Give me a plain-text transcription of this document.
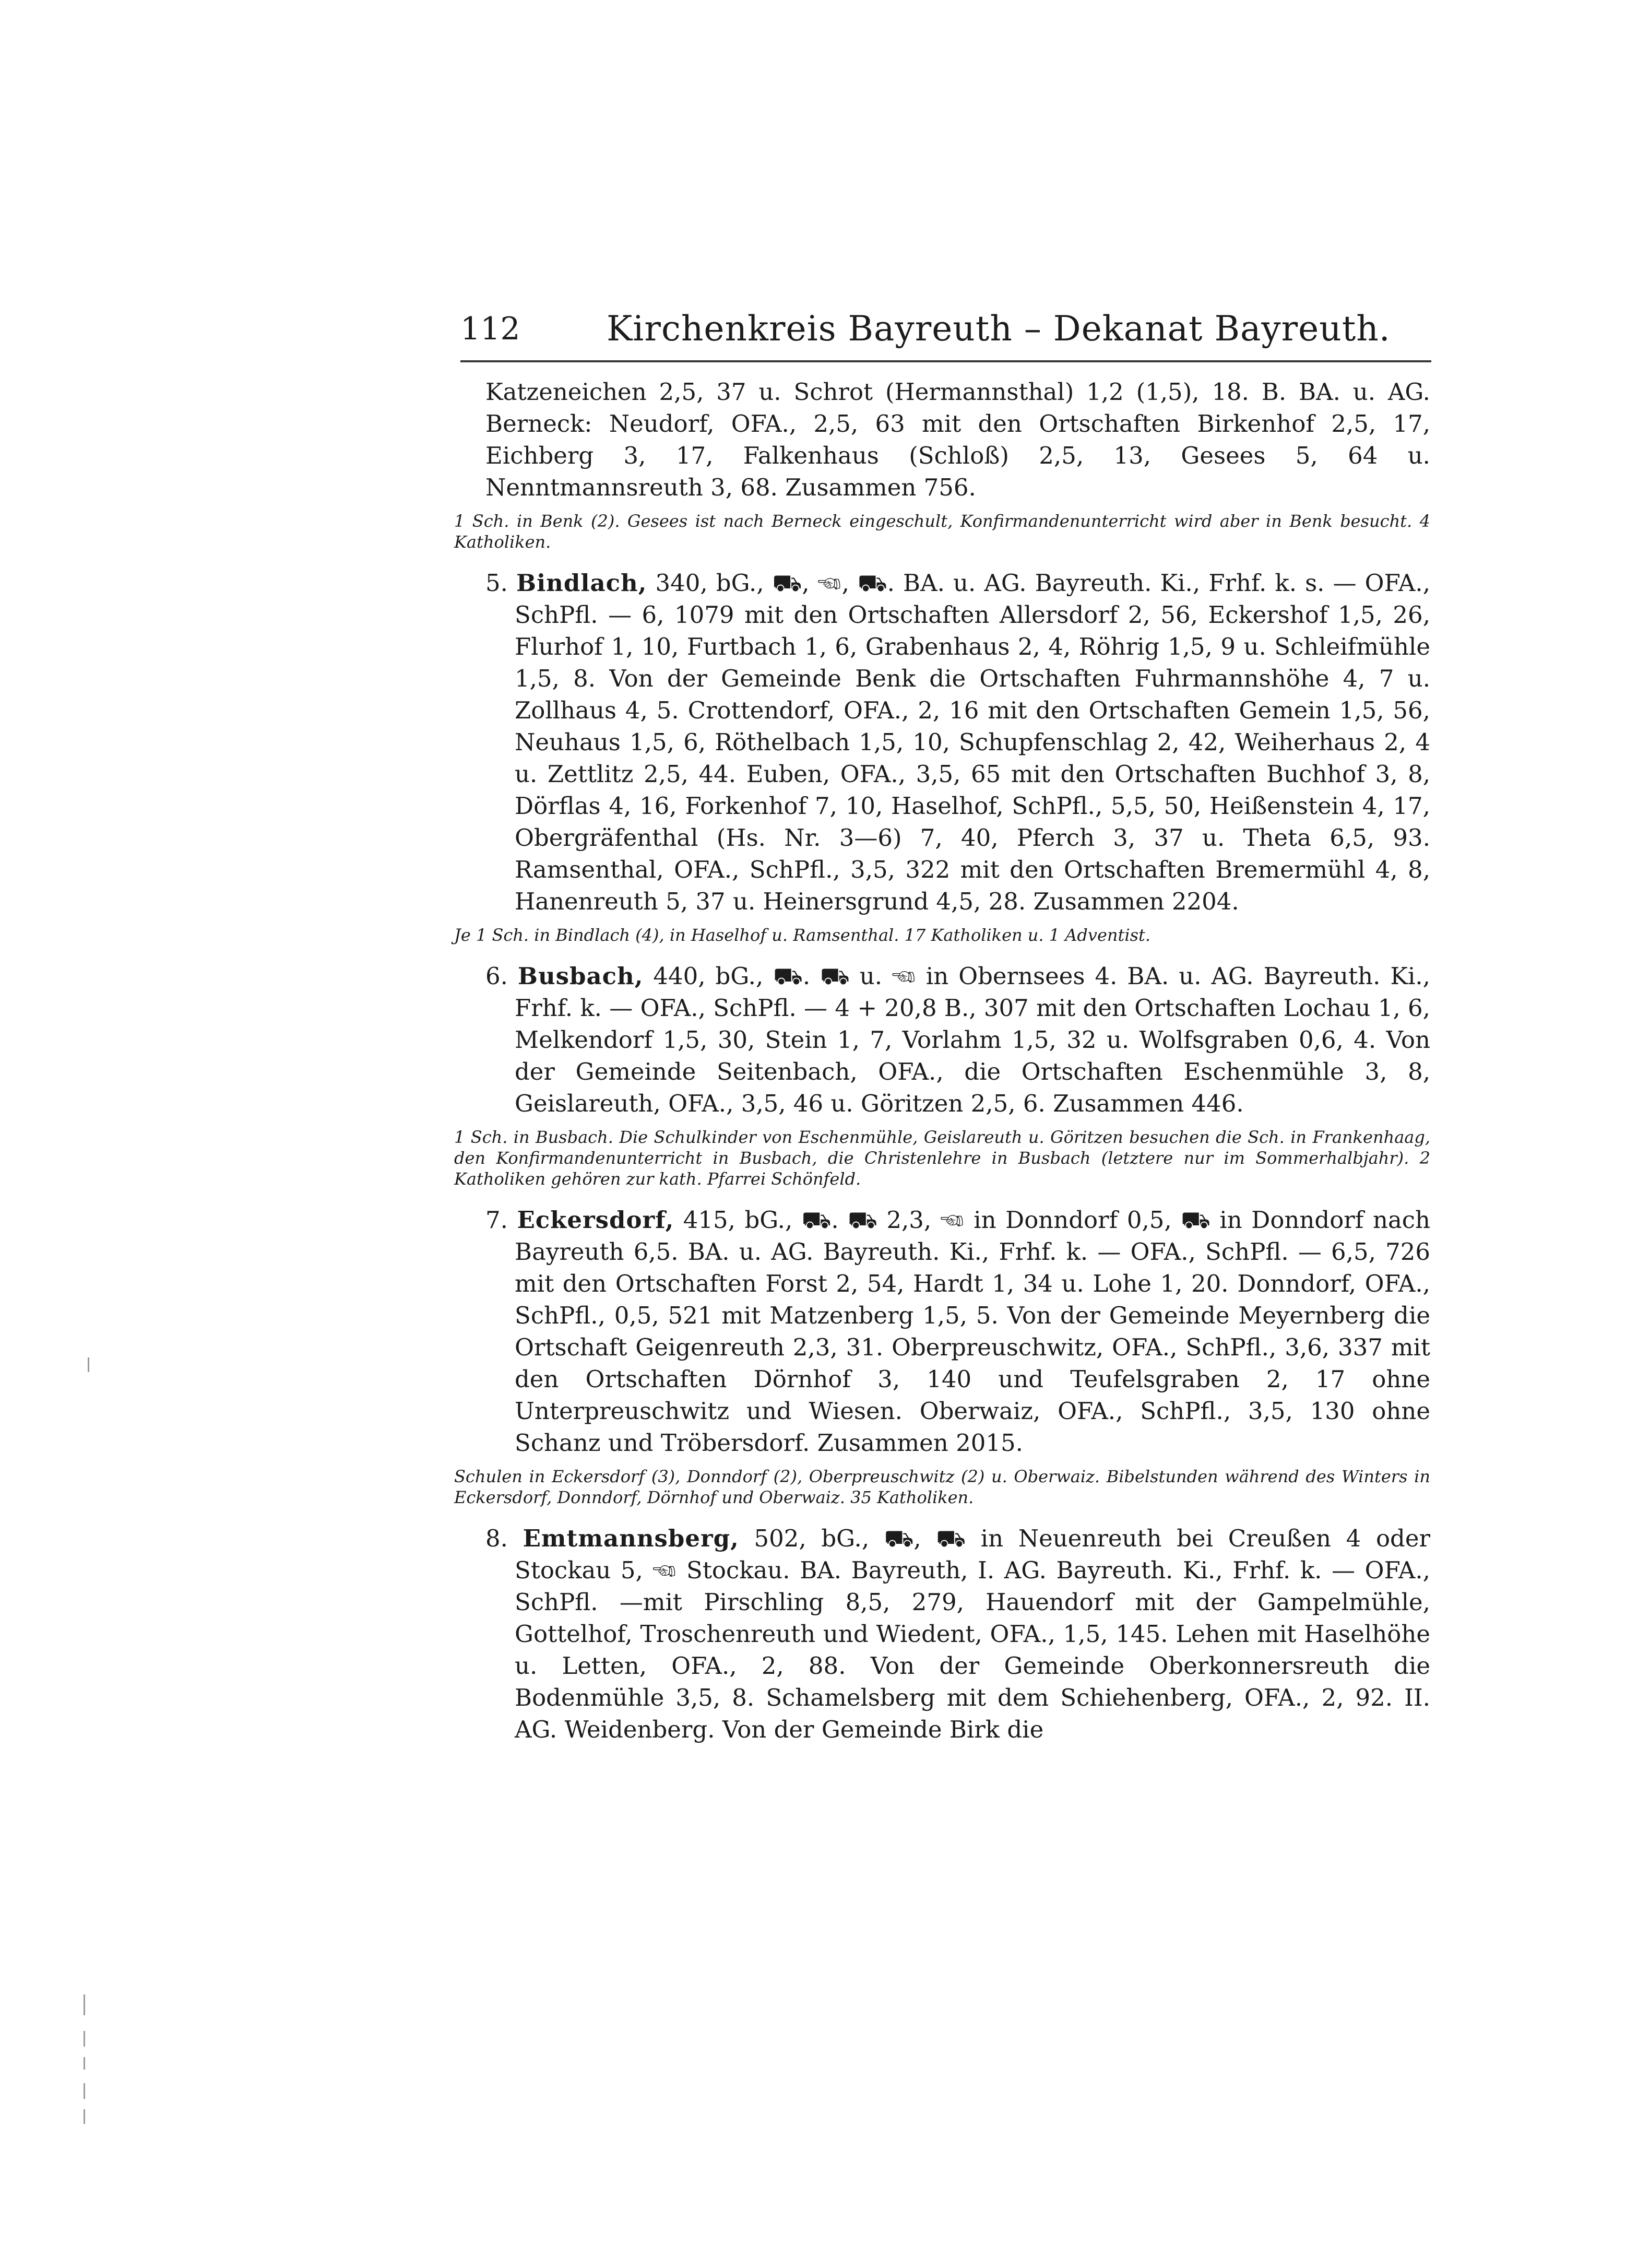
112	Kirchenkreis Bayreuth – Dekanat Bayreuth.

Katzeneichen 2,5, 37 u. Schrot (Hermannsthal) 1,2 (1,5), 18. B. BA. u. AG. Berneck: Neudorf, OFA., 2,5, 63 mit den Ortschaften Birkenhof 2,5, 17, Eichberg 3, 17, Falkenhaus (Schloß) 2,5, 13, Gesees 5, 64 u. Nenntmannsreuth 3, 68. Zusammen 756.

1 Sch. in Benk (2). Gesees ist nach Berneck eingeschult, Konfirmandenunterricht wird aber in Benk besucht. 4 Katholiken.

5. Bindlach, 340, bG., ⛟, ☜, ⛟. BA. u. AG. Bayreuth. Ki., Frhf. k. s. — OFA., SchPfl. — 6, 1079 mit den Ortschaften Allersdorf 2, 56, Eckershof 1,5, 26, Flurhof 1, 10, Furtbach 1, 6, Grabenhaus 2, 4, Röhrig 1,5, 9 u. Schleifmühle 1,5, 8. Von der Gemeinde Benk die Ortschaften Fuhrmannshöhe 4, 7 u. Zollhaus 4, 5. Crottendorf, OFA., 2, 16 mit den Ortschaften Gemein 1,5, 56, Neuhaus 1,5, 6, Röthelbach 1,5, 10, Schupfenschlag 2, 42, Weiherhaus 2, 4 u. Zettlitz 2,5, 44. Euben, OFA., 3,5, 65 mit den Ortschaften Buchhof 3, 8, Dörflas 4, 16, Forkenhof 7, 10, Haselhof, SchPfl., 5,5, 50, Heißenstein 4, 17, Obergräfenthal (Hs. Nr. 3—6) 7, 40, Pferch 3, 37 u. Theta 6,5, 93. Ramsenthal, OFA., SchPfl., 3,5, 322 mit den Ortschaften Bremermühl 4, 8, Hanenreuth 5, 37 u. Heinersgrund 4,5, 28. Zusammen 2204.

Je 1 Sch. in Bindlach (4), in Haselhof u. Ramsenthal. 17 Katholiken u. 1 Adventist.

6. Busbach, 440, bG., ⛟. ⛟ u. ☜ in Obernsees 4. BA. u. AG. Bayreuth. Ki., Frhf. k. — OFA., SchPfl. — 4 + 20,8 B., 307 mit den Ortschaften Lochau 1, 6, Melkendorf 1,5, 30, Stein 1, 7, Vorlahm 1,5, 32 u. Wolfsgraben 0,6, 4. Von der Gemeinde Seitenbach, OFA., die Ortschaften Eschenmühle 3, 8, Geislareuth, OFA., 3,5, 46 u. Göritzen 2,5, 6. Zusammen 446.

1 Sch. in Busbach. Die Schulkinder von Eschenmühle, Geislareuth u. Göritzen besuchen die Sch. in Frankenhaag, den Konfirmandenunterricht in Busbach, die Christenlehre in Busbach (letztere nur im Sommerhalbjahr). 2 Katholiken gehören zur kath. Pfarrei Schönfeld.

7. Eckersdorf, 415, bG., ⛟. ⛟ 2,3, ☜ in Donndorf 0,5, ⛟ in Donndorf nach Bayreuth 6,5. BA. u. AG. Bayreuth. Ki., Frhf. k. — OFA., SchPfl. — 6,5, 726 mit den Ortschaften Forst 2, 54, Hardt 1, 34 u. Lohe 1, 20. Donndorf, OFA., SchPfl., 0,5, 521 mit Matzenberg 1,5, 5. Von der Gemeinde Meyernberg die Ortschaft Geigenreuth 2,3, 31. Oberpreuschwitz, OFA., SchPfl., 3,6, 337 mit den Ortschaften Dörnhof 3, 140 und Teufelsgraben 2, 17 ohne Unterpreuschwitz und Wiesen. Oberwaiz, OFA., SchPfl., 3,5, 130 ohne Schanz und Tröbersdorf. Zusammen 2015.

Schulen in Eckersdorf (3), Donndorf (2), Oberpreuschwitz (2) u. Oberwaiz. Bibelstunden während des Winters in Eckersdorf, Donndorf, Dörnhof und Oberwaiz. 35 Katholiken.

8. Emtmannsberg, 502, bG., ⛟, ⛟ in Neuenreuth bei Creußen 4 oder Stockau 5, ☜ Stockau. BA. Bayreuth, I. AG. Bayreuth. Ki., Frhf. k. — OFA., SchPfl. —mit Pirschling 8,5, 279, Hauendorf mit der Gampelmühle, Gottelhof, Troschenreuth und Wiedent, OFA., 1,5, 145. Lehen mit Haselhöhe u. Letten, OFA., 2, 88. Von der Gemeinde Oberkonnersreuth die Bodenmühle 3,5, 8. Schamelsberg mit dem Schiehenberg, OFA., 2, 92. II. AG. Weidenberg. Von der Gemeinde Birk die
